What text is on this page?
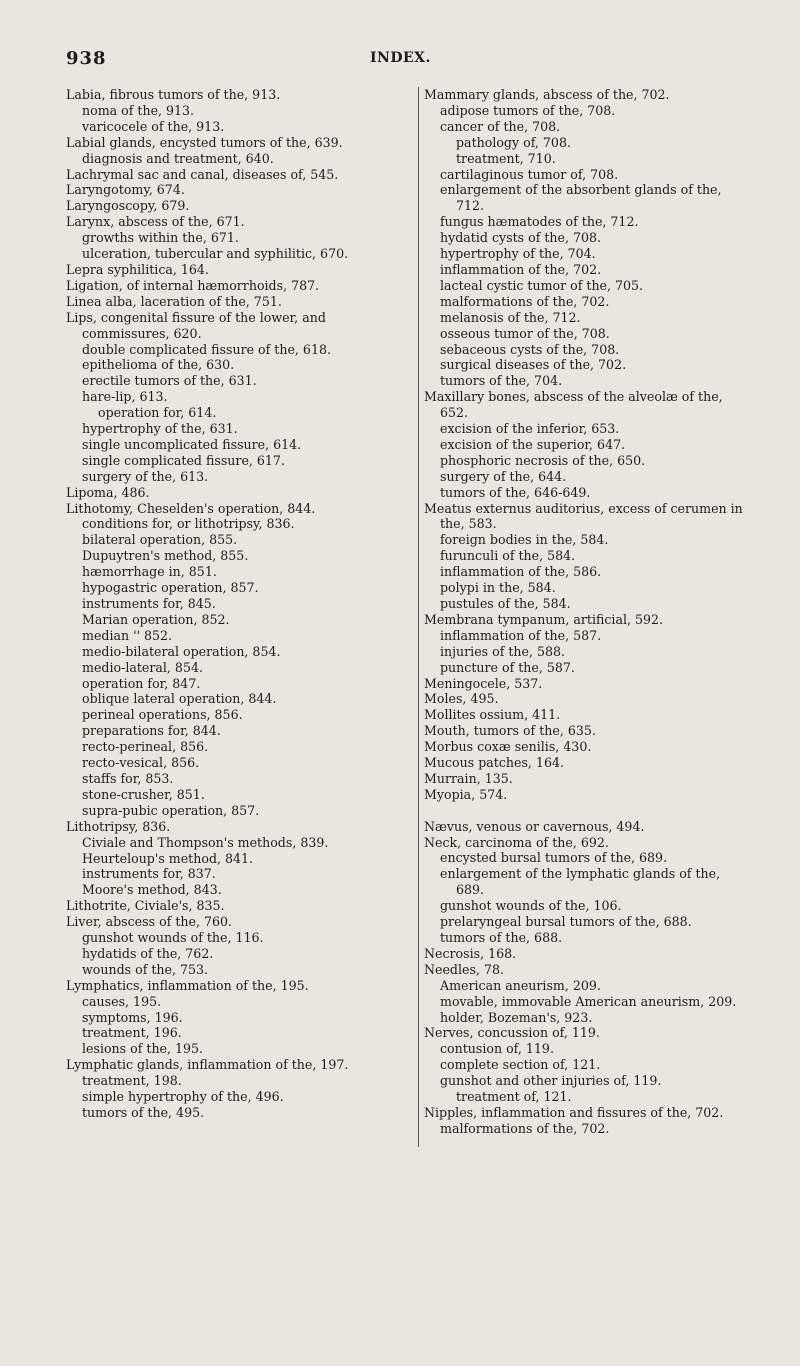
938	INDEX.

Labia, fibrous tumors of the, 913.

noma of the, 913.

varicocele of the, 913.

Labial glands, encysted tumors of the, 639.

diagnosis and treatment, 640.

Lachrymal sac and canal, diseases of, 545.

Laryngotomy, 674.

Laryngoscopy, 679.

Larynx, abscess of the, 671.

growths within the, 671.

ulceration, tubercular and syphilitic, 670.

Lepra syphilitica, 164.

Ligation, of internal hæmorrhoids, 787.

Linea alba, laceration of the, 751.

Lips, congenital fissure of the lower, and commissures, 620.

double complicated fissure of the, 618.

epithelioma of the, 630.

erectile tumors of the, 631.

hare-lip, 613.

operation for, 614.

hypertrophy of the, 631.

single uncomplicated fissure, 614.

single complicated fissure, 617.

surgery of the, 613.

Lipoma, 486.

Lithotomy, Cheselden's operation, 844.

conditions for, or lithotripsy, 836.

bilateral operation, 855.

Dupuytren's method, 855.

hæmorrhage in, 851.

hypogastric operation, 857.

instruments for, 845.

Marian operation, 852.

median '' 852.

medio-bilateral operation, 854.

medio-lateral, 854.

operation for, 847.

oblique lateral operation, 844.

perineal operations, 856.

preparations for, 844.

recto-perineal, 856.

recto-vesical, 856.

staffs for, 853.

stone-crusher, 851.

supra-pubic operation, 857.

Lithotripsy, 836.

Civiale and Thompson's methods, 839.

Heurteloup's method, 841.

instruments for, 837.

Moore's method, 843.

Lithotrite, Civiale's, 835.

Liver, abscess of the, 760.

gunshot wounds of the, 116.

hydatids of the, 762.

wounds of the, 753.

Lymphatics, inflammation of the, 195.

causes, 195.

symptoms, 196.

treatment, 196.

lesions of the, 195.

Lymphatic glands, inflammation of the, 197.

treatment, 198.

simple hypertrophy of the, 496.

tumors of the, 495.

Mammary glands, abscess of the, 702.

adipose tumors of the, 708.

cancer of the, 708.

pathology of, 708.

treatment, 710.

cartilaginous tumor of, 708.

enlargement of the absorbent glands of the, 712.

fungus hæmatodes of the, 712.

hydatid cysts of the, 708.

hypertrophy of the, 704.

inflammation of the, 702.

lacteal cystic tumor of the, 705.

malformations of the, 702.

melanosis of the, 712.

osseous tumor of the, 708.

sebaceous cysts of the, 708.

surgical diseases of the, 702.

tumors of the, 704.

Maxillary bones, abscess of the alveolæ of the, 652.

excision of the inferior, 653.

excision of the superior, 647.

phosphoric necrosis of the, 650.

surgery of the, 644.

tumors of the, 646-649.

Meatus externus auditorius, excess of cerumen in the, 583.

foreign bodies in the, 584.

furunculi of the, 584.

inflammation of the, 586.

polypi in the, 584.

pustules of the, 584.

Membrana tympanum, artificial, 592.

inflammation of the, 587.

injuries of the, 588.

puncture of the, 587.

Meningocele, 537.

Moles, 495.

Mollites ossium, 411.

Mouth, tumors of the, 635.

Morbus coxæ senilis, 430.

Mucous patches, 164.

Murrain, 135.

Myopia, 574.

Nævus, venous or cavernous, 494.

Neck, carcinoma of the, 692.

encysted bursal tumors of the, 689.

enlargement of the lymphatic glands of the, 689.

gunshot wounds of the, 106.

prelaryngeal bursal tumors of the, 688.

tumors of the, 688.

Necrosis, 168.

Needles, 78.

American aneurism, 209.

movable, immovable American aneurism, 209.

holder, Bozeman's, 923.

Nerves, concussion of, 119.

contusion of, 119.

complete section of, 121.

gunshot and other injuries of, 119.

treatment of, 121.

Nipples, inflammation and fissures of the, 702.

malformations of the, 702.
